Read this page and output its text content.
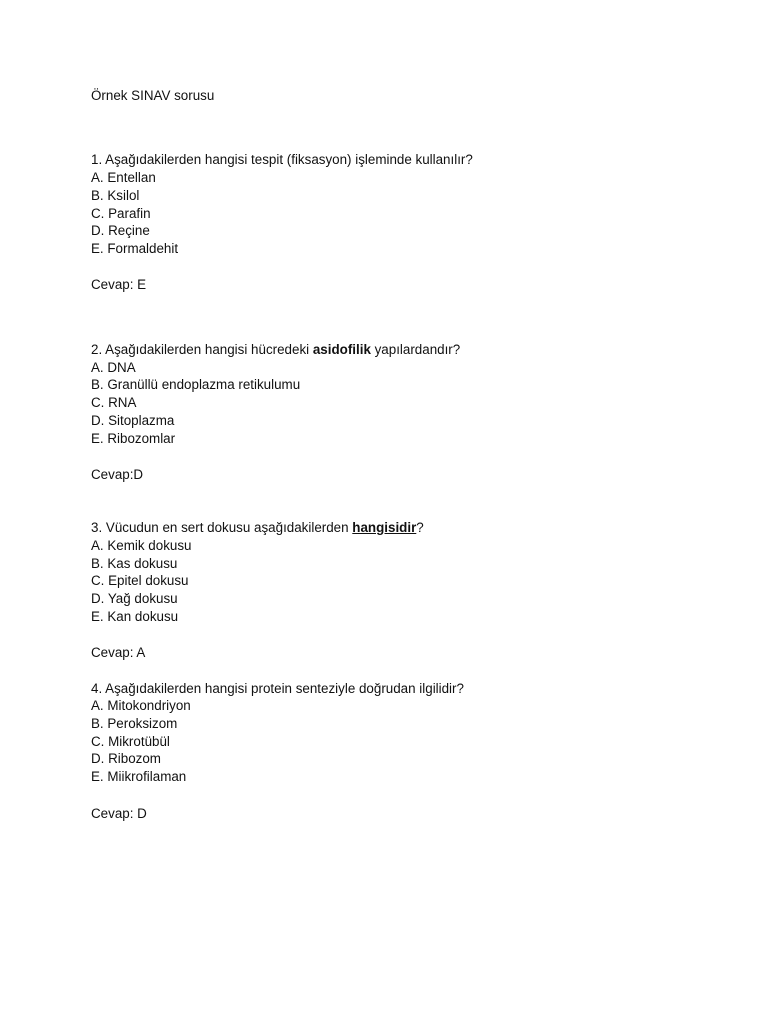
Örnek SINAV sorusu
1. Aşağıdakilerden hangisi tespit (fiksasyon) işleminde kullanılır?
A. Entellan
B. Ksilol
C. Parafin
D. Reçine
E. Formaldehit
Cevap: E
2. Aşağıdakilerden hangisi hücredeki asidofilik yapılardandır?
A. DNA
B. Granüllü endoplazma retikulumu
C. RNA
D. Sitoplazma
E. Ribozomlar
Cevap:D
3. Vücudun en sert dokusu aşağıdakilerden hangisidir?
A. Kemik dokusu
B. Kas dokusu
C. Epitel dokusu
D. Yağ dokusu
E. Kan dokusu
Cevap: A
4. Aşağıdakilerden hangisi protein senteziyle doğrudan ilgilidir?
A. Mitokondriyon
B. Peroksizom
C. Mikrotübül
D. Ribozom
E. Miikrofilaman
Cevap: D
